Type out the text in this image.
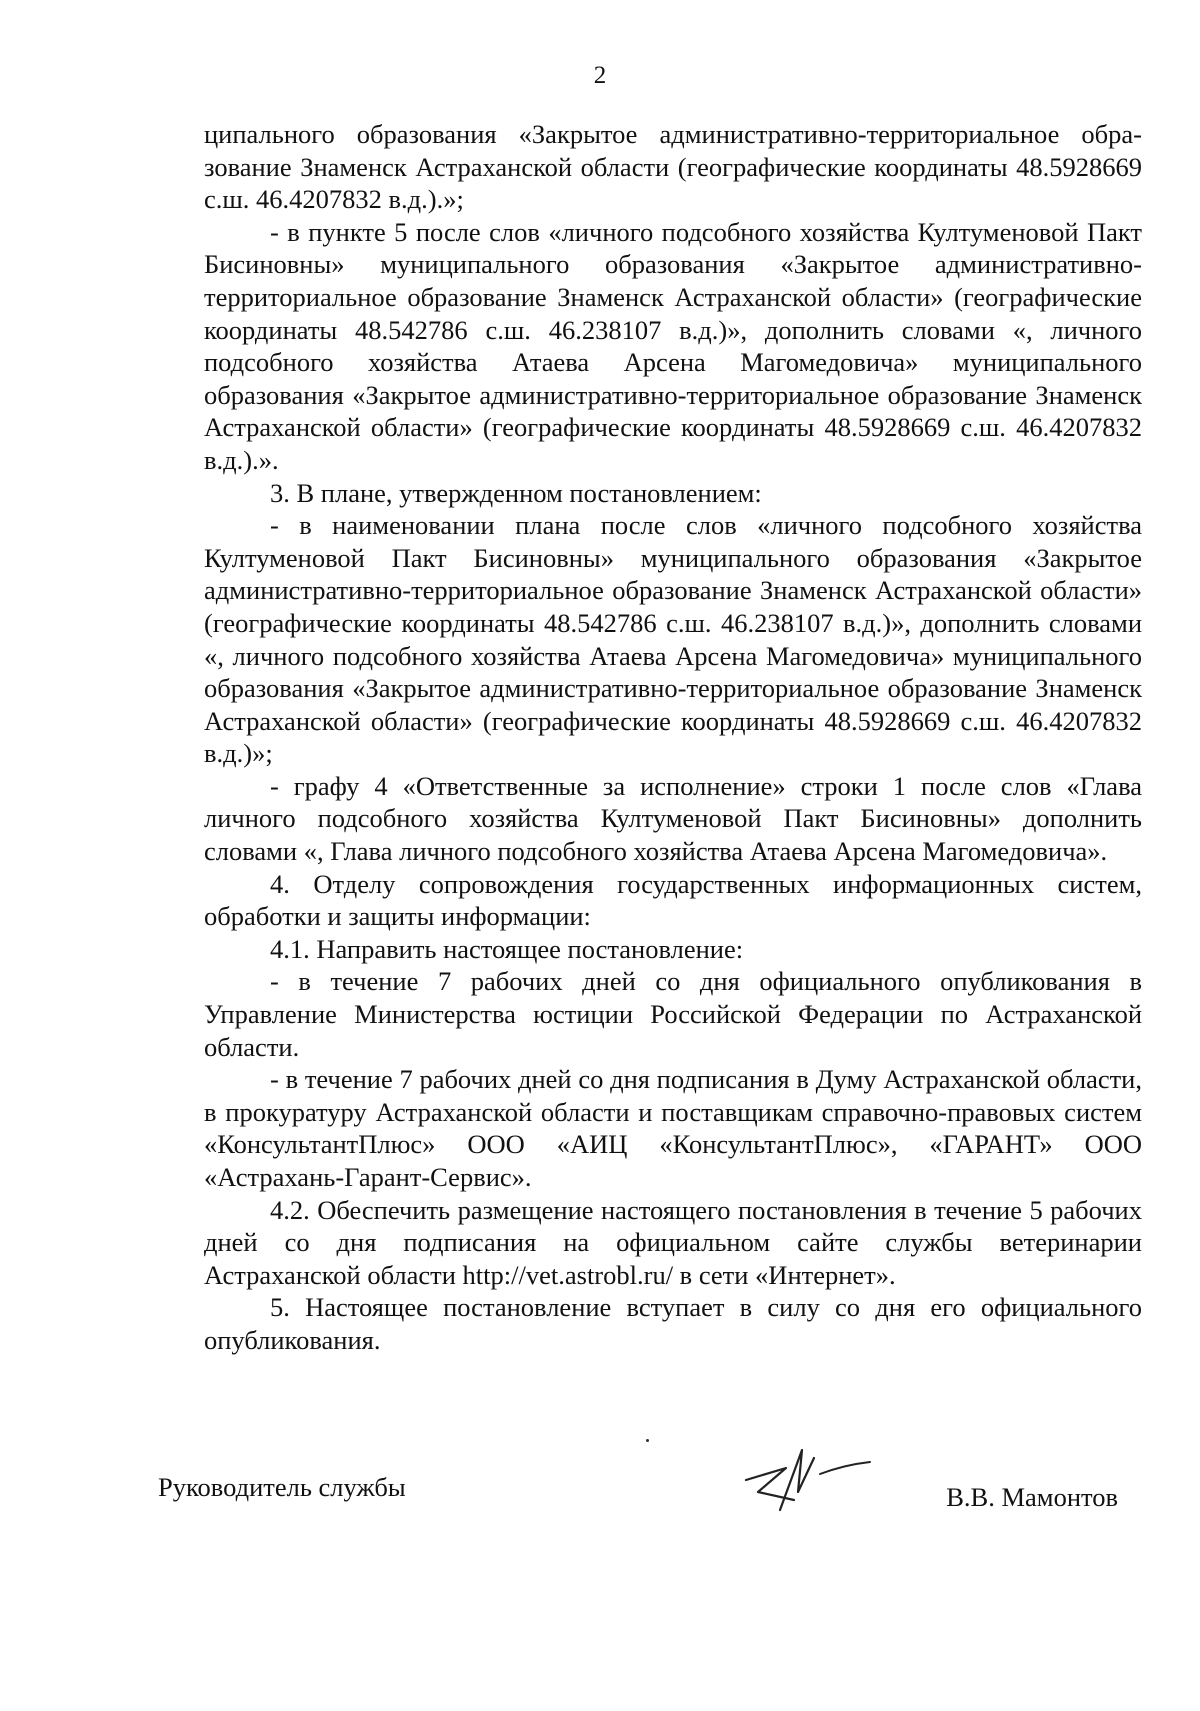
2

ципального образования «Закрытое административно-территориальное образование Знаменск Астраханской области (географические координаты 48.5928669 с.ш. 46.4207832 в.д.).»;

- в пункте 5 после слов «личного подсобного хозяйства Култуменовой Пакт Бисиновны» муниципального образования «Закрытое административно-территориальное образование Знаменск Астраханской области» (географические координаты 48.542786 с.ш. 46.238107 в.д.)», дополнить словами «, личного подсобного хозяйства Атаева Арсена Магомедовича» муниципального образования «Закрытое административно-территориальное образование Знаменск Астраханской области» (географические координаты 48.5928669 с.ш. 46.4207832 в.д.).».

3. В плане, утвержденном постановлением:

- в наименовании плана после слов «личного подсобного хозяйства Култуменовой Пакт Бисиновны» муниципального образования «Закрытое административно-территориальное образование Знаменск Астраханской области» (географические координаты 48.542786 с.ш. 46.238107 в.д.)», дополнить словами «, личного подсобного хозяйства Атаева Арсена Магомедовича» муниципального образования «Закрытое административно-территориальное образование Знаменск Астраханской области» (географические координаты 48.5928669 с.ш. 46.4207832 в.д.)»;

- графу 4 «Ответственные за исполнение» строки 1 после слов «Глава личного подсобного хозяйства Култуменовой Пакт Бисиновны» дополнить словами «, Глава личного подсобного хозяйства Атаева Арсена Магомедовича».

4. Отделу сопровождения государственных информационных систем, обработки и защиты информации:

4.1. Направить настоящее постановление:

- в течение 7 рабочих дней со дня официального опубликования в Управление Министерства юстиции Российской Федерации по Астраханской области.

- в течение 7 рабочих дней со дня подписания в Думу Астраханской области, в прокуратуру Астраханской области и поставщикам справочно-правовых систем «КонсультантПлюс» ООО «АИЦ «КонсультантПлюс», «ГАРАНТ» ООО «Астрахань-Гарант-Сервис».

4.2. Обеспечить размещение настоящего постановления в течение 5 рабочих дней со дня подписания на официальном сайте службы ветеринарии Астраханской области http://vet.astrobl.ru/ в сети «Интернет».

5. Настоящее постановление вступает в силу со дня его официального опубликования.

Руководитель службы	В.В. Мамонтов
